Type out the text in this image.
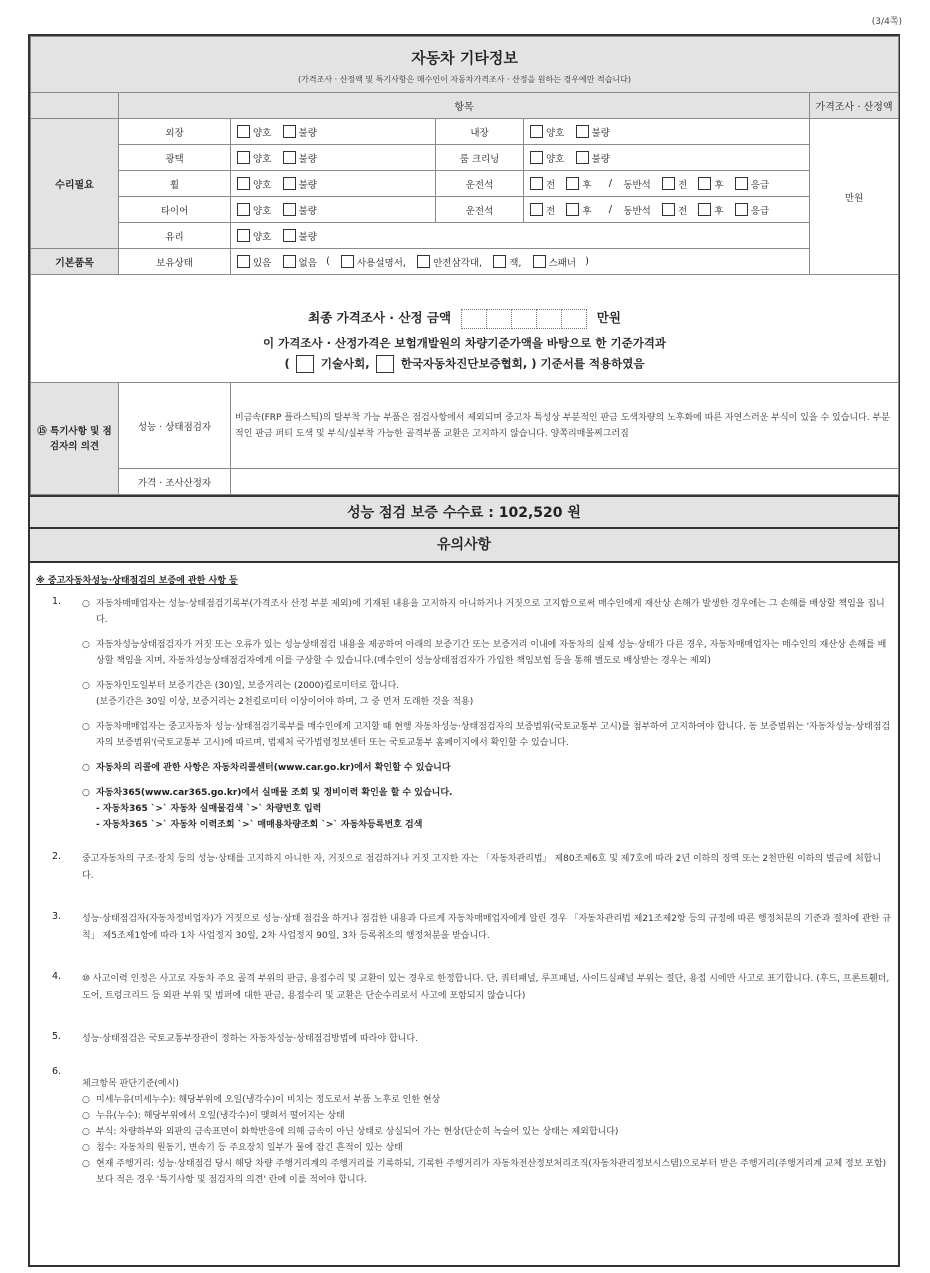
(3/4쪽)
자동차 기타정보
(가격조사 · 산정액 및 특기사항은 매수인이 자동차가격조사 · 산정을 원하는 경우에만 적습니다)					

	항목				가격조사 · 산정액
수리필요	외장	양호 불량	내장	양호 불량	만원
	광택	양호 불량	룸 크리닝	양호 불량	
	휠	양호 불량	운전석	전 후 / 동반석 전 후 응급	
	타이어	양호 불량	운전석	전 후 / 동반석 전 후 응급	
	유리	양호 불량			
기본품목	보유상태	있음 없음 ( 사용설명서, 안전삼각대, 잭, 스패너 )			

최종 가격조사 · 산정 금액 만원
이 가격조사 · 산정가격은 보험개발원의 차량기준가액을 바탕으로 한 기준가격과
( 기술사회, 한국자동차진단보증협회, ) 기준서를 적용하였음					

⑮ 특기사항 및 점검자의 의견	성능 · 상태점검자	비금속(FRP 플라스틱)의 탈부착 가능 부품은 점검사항에서 제외되며 중고차 특성상 부분적인 판금 도색차량의 노후화에 따른 자연스러운 부식이 있을 수 있습니다. 부분적인 판금 퍼티 도색 및 부식/실부착 가능한 골격부품 교환은 고지하지 않습니다. 양쪽리매몰찌그러짐			
	가격 · 조사산정자				
성능 점검 보증 수수료 : 102,520 원
유의사항
※ 중고자동차성능·상태점검의 보증에 관한 사항 등
1. ○ 자동차매매업자는 성능·상태점검기록부(가격조사 산정 부분 제외)에 기재된 내용을 고지하지 아니하거나 거짓으로 고지함으로써 매수인에게 재산상 손해가 발생한 경우에는 그 손해를 배상할 책임을 집니다.
○ 자동차성능상태점검자가 거짓 또는 오류가 있는 성능상태점검 내용을 제공하여 아래의 보증기간 또는 보증거리 이내에 자동차의 실제 성능·상태가 다른 경우, 자동차매매업자는 매수인의 재산상 손해를 배상할 책임을 지며, 자동차성능상태점검자에게 이를 구상할 수 있습니다.(매수인이 성능상태점검자가 가입한 책임보험 등을 통해 별도로 배상받는 경우는 제외)
○ 자동차인도일부터 보증기간은 (30)일, 보증거리는 (2000)킬로미터로 합니다.
(보증기간은 30일 이상, 보증거리는 2천킬로미터 이상이어야 하며, 그 중 먼저 도래한 것을 적용)
○ 자동차매매업자는 중고자동차 성능·상태점검기록부를 매수인에게 고지할 때 현행 자동차성능·상태점검자의 보증범위(국토교통부 고시)를 첨부하여 고지하여야 합니다. 동 보증범위는 '자동차성능·상태점검자의 보증범위'(국토교통부 고시)에 따르며, 법제처 국가법령정보센터 또는 국토교통부 홈페이지에서 확인할 수 있습니다.
○ 자동차의 리콜에 관한 사항은 자동차리콜센터(www.car.go.kr)에서 확인할 수 있습니다
○ 자동차365(www.car365.go.kr)에서 실매물 조회 및 정비이력 확인을 할 수 있습니다.
- 자동차365 `>` 자동차 실매물검색 `>` 차량번호 입력
- 자동차365 `>` 자동차 이력조회 `>` 매매용차량조회 `>` 자동차등록번호 검색
2. 중고자동차의 구조·장치 등의 성능·상태를 고지하지 아니한 자, 거짓으로 점검하거나 거짓 고지한 자는 「자동차관리법」 제80조제6호 및 제7호에 따라 2년 이하의 징역 또는 2천만원 이하의 벌금에 처합니다.
3. 성능·상태점검자(자동차정비업자)가 거짓으로 성능·상태 점검을 하거나 점검한 내용과 다르게 자동차매매업자에게 알린 경우 「자동차관리법 제21조제2항 등의 규정에 따른 행정처분의 기준과 절차에 관한 규칙」 제5조제1항에 따라 1차 사업정지 30일, 2차 사업정지 90일, 3차 등록취소의 행정처분을 받습니다.
4. ⑩ 사고이력 인정은 사고로 자동차 주요 골격 부위의 판금, 용접수리 및 교환이 있는 경우로 한정합니다. 단, 쿼터패널, 루프패널, 사이드실패널 부위는 절단, 용접 시에만 사고로 표기합니다. (후드, 프론트휀더, 도어, 트렁크리드 등 외판 부위 및 범퍼에 대한 판금, 용접수리 및 교환은 단순수리로서 사고에 포함되지 않습니다)
5. 성능·상태점검은 국토교통부장관이 정하는 자동차성능·상태점검방법에 따라야 합니다.
6.
체크항목 판단기준(예시)
○ 미세누유(미세누수): 해당부위에 오일(냉각수)이 비치는 정도로서 부품 노후로 인한 현상
○ 누유(누수): 해당부위에서 오일(냉각수)이 맺혀서 떨어지는 상태
○ 부식: 차량하부와 외판의 금속표면이 화학반응에 의해 금속이 아닌 상태로 상실되어 가는 현상(단순히 녹슬어 있는 상태는 제외합니다)
○ 침수: 자동차의 원동기, 변속기 등 주요장치 일부가 물에 잠긴 흔적이 있는 상태
○ 현재 주행거리: 성능·상태점검 당시 해당 차량 주행거리계의 주행거리를 기록하되, 기록한 주행거리가 자동차전산정보처리조직(자동차관리정보시스템)으로부터 받은 주행거리(주행거리계 교체 정보 포함)보다 적은 경우 '특기사항 및 점검자의 의견' 란에 이를 적어야 합니다.
